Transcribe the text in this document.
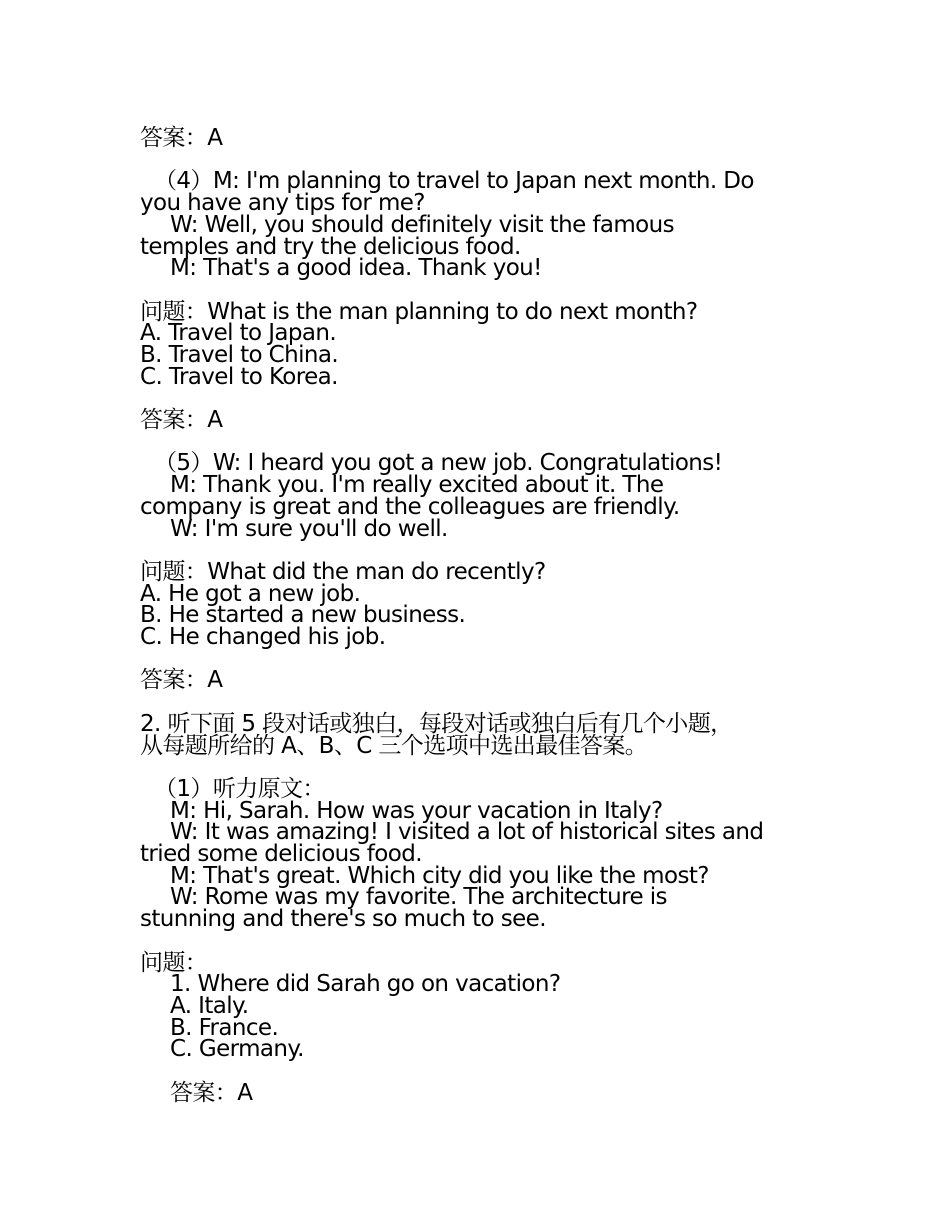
答案：A
（4）M: I'm planning to travel to Japan next month. Do
you have any tips for me?
W: Well, you should definitely visit the famous
temples and try the delicious food.
M: That's a good idea. Thank you!
问题：What is the man planning to do next month?
A. Travel to Japan.
B. Travel to China.
C. Travel to Korea.
答案：A
（5）W: I heard you got a new job. Congratulations!
M: Thank you. I'm really excited about it. The
company is great and the colleagues are friendly.
W: I'm sure you'll do well.
问题：What did the man do recently?
A. He got a new job.
B. He started a new business.
C. He changed his job.
答案：A
2. 听下面 5 段对话或独白，每段对话或独白后有几个小题，
从每题所给的 A、B、C 三个选项中选出最佳答案。
（1）听力原文：
M: Hi, Sarah. How was your vacation in Italy?
W: It was amazing! I visited a lot of historical sites and
tried some delicious food.
M: That's great. Which city did you like the most?
W: Rome was my favorite. The architecture is
stunning and there's so much to see.
问题：
1. Where did Sarah go on vacation?
A. Italy.
B. France.
C. Germany.
答案：A
